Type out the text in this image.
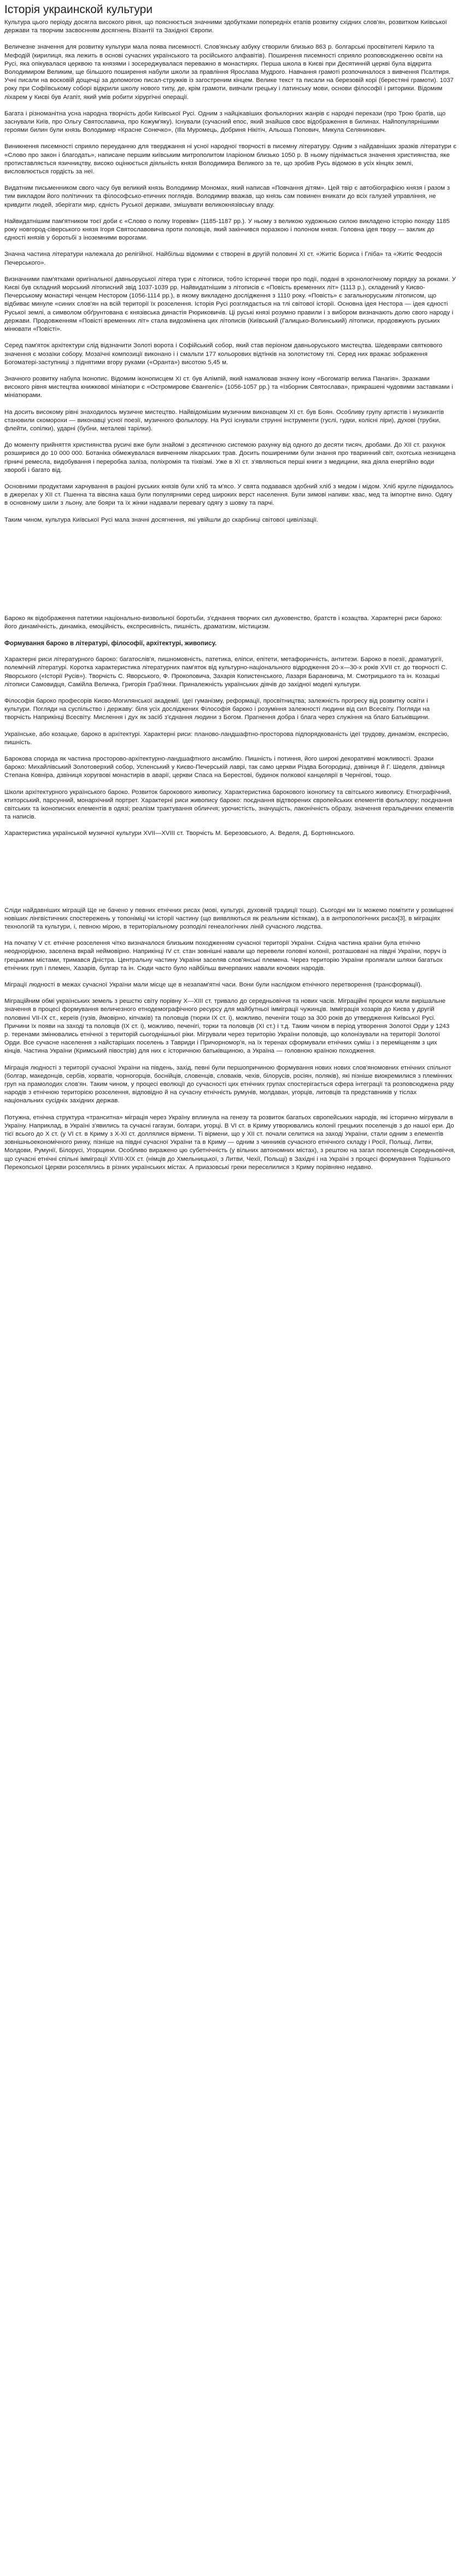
Історія украинской культури

Культура цього періоду досягла високого рівня, що пояснюється значними здобутками попередніх етапів розвитку східних слов'ян, розвитком Київської держави та творчим засвоєнням досягнень Візантії та Західної Європи.

Величезне значення для розвитку культури мала поява писемності. Слов'янську азбуку створили близько 863 р. болгарські просвітителі Кирило та Мефодій (кирилиця, яка лежить в основі сучасних українського та російського алфавітів). Поширення писемності сприяло розповсюдженню освіти на Русі, яка опікувалася церквою та князями і зосереджувалася переважно в монастирях. Перша школа в Києві при Десятинній церкві була відкрита Володимиром Великим, ще більшого поширення набули школи за правління Ярослава Мудрого. Навчання грамоті розпочиналося з вивчення Псалтиря. Учні писали на восковій дощечці за допомогою писал-стружків із загостреним кінцем. Велике текст та писали на березовій корі (берестяні грамоти). 1037 року при Софіївському соборі відкрили школу нового типу, де, крім грамоти, вивчали грецьку і латинську мови, основи філософії і риторики. Відомим ліхарем у Києві був Агапіт, який умів робити хірургічні операції.

Багата і різноманітна усна народна творчість доби Київської Русі. Одним з найцікавіших фольклорних жанрів є народні перекази (про Трою братів, що заснували Київ, про Ольгу Святославича, про Кожум'яку). Існували (сучасний епос, який знайшов своє відображення в билинах. Найпопулярнішими героями билин були князь Володимир «Красне Сонечко», (Illa Муромець, Добриня Нікітіч, Альоша Попович, Микула Селянинович.

Виникнення писемності сприяло переуданню для тверджання ні усної народної творчості в писемну літературу. Одним з найдавніших зразків літератури є «Слово про закон і благодать», написане першим київським митрополитом Іларіоном близько 1050 р. В ньому піднімається значення християнства, яке протиставляється язичництву, високо оцінюється діяльність князя Володимира Великого за те, що зробив Русь відомою в усіх кінцях землі, висловлюється гордість за неї.

Видатним письменником свого часу був великий князь Володимир Мономах, який написав «Повчання дітям». Цей твір є автобіографією князя і разом з тим викладом його політичних та філософсько-етичних поглядів. Володимир вважав, що князь сам повинен вникати до всіх галузей управління, не кривдити людей, зберігати мир, єдність Руської держави, змішувати великокнязівську владу.

Найвидатнішим пам'ятником тоєї доби є «Слово о полку Ігоревім» (1185-1187 рр.). У ньому з великою художньою силою викладено історію походу 1185 року новгород-сіверського князя Ігоря Святославовича проти половців, який закінчився поразкою і полоном князя. Головна ідея твору — заклик до єдності князів у боротьбі з іноземними ворогами.

Значна частина літератури належала до релігійної. Найбільш відомими є створені в другій половині XI ст. «Житіє Бориса і Гліба» та «Житіє Феодосія Печерського».

Визначними пам'ятками оригінальної давньоруської літера тури є літописи, тобто історичні твори про події, подані в хронологічному порядку за роками. У Києві був складний морський літописний звід 1037-1039 рр. Найвидатнішим з літописів є «Повість временних літ» (1113 р.), складений у Києво-Печерському монастирі ченцем Нестором (1056-1114 рр.), в якому викладено дослідження з 1110 року. «Повість» є загальноруським літописом, що відбиває минуле «синих слов'ян на всій території їх розселення. Історія Русі розглядається на тлі світової історії. Основна ідея Нестора — ідея єдності Руської землі, а символом обґрунтована є князівська династія Рюриковичів. Ці руські князі розумно правили і з вибором визначають долю свого народу і держави. Продовженням «Повісті временних літ» стала видозмінена цих літописів (Київський (Галицько-Волинський) літописи, продовжують руських мінювати «Повісті».

Серед пам'яток архітектури слід відзначити Золоті ворота і Софійський собор, який став періоном давньоруського мистецтва. Шедеврами святкового значення є мозаїки собору. Мозаїчні композиції виконано і і смальти 177 кольорових відтінків на золотистому тлі. Серед них вражає зображення Богоматері-заступниці з піднятими вгору руками («Оранта») висотою 5,45 м.

Значного розвитку набула Іконопис. Відомим іконописцем XI ст. був Алімпій, який намалював значну ікону «Богоматір велика Панагія». Зразками високого рівня мистецтва книжкової мініатюри є «Остромирове Євангеліє» (1056-1057 рр.) та «Ізборник Святослава», прикрашені чудовими заставками і мініатюрами.

На досить високому рівні знаходилось музичне мистецтво. Найвідомішим музичним виконавцем XI ст. був Боян. Особливу групу артистів і музикантів становили скоморохи — виконавці усної поезії, музичного фольклору. На Русі існували струнні інструменти (гуслі, гудки, колісні ліри), духові (трубки, флейти, сопілки), ударні (бубни, металеві тарілки).

До моменту прийняття християнства русичі вже були знайомі з десятичною системою рахунку від одного до десяти тисяч, дробами. До XII ст. рахунок розширився до 10 000 000. Ботаніка обмежувалася вивченням лікарських трав. Досить поширеними були знання про тваринний світ, охотська незнищена гірничі ремесла, видобування і переробка заліза, поліхромія та тіхвізмі. Уже в XI ст. з'являються перші книги з медицини, яка діяла енергійно води хворобі і багато від.

Основними продуктами харчування в раціоні руських князів були хліб та м'ясо. У свята подавався здобний хліб з медом і мідом. Хліб кругле підкидалось в джерелах у XII ст. Пшенна та вівсяна каша були популярними серед широких верст населення. Були зимові напиви: квас, мед та імпортне вино. Одягу в основному шили з льону, але бояри та їх жінки надавали перевагу одягу з шовку та парчі.

Таким чином, культура Київської Русі мала значні досягнення, які увійшли до скарбниці світової цивілізації.

Бароко як відображення патетики національно-визвольної боротьби, з'єднання творчих сил духовенство, братств і козацтва. Характерні риси бароко: його динамічність, динаміка, емоційність, експресивність, пишність, драматизм, містицизм.

Формування бароко в літературі, філософії, архітектурі, живопису.

Характерні риси літературного бароко: багатослів'я, пишномовність, патетика, еліпси, епітети, метафоричність, антитези. Бароко в поезії, драматургії, полемічній літературі. Коротка характеристика літературних пам'яток від культурно-національного відродження 20-х—30-х років XVII ст. до творчості С. Яворського («Історії Русів»). Творчість С. Яворського, Ф. Прокоповича, Захарія Копистенського, Лазаря Барановича, М. Смотрицького та ін. Козацькі літописи Самовидця, Самійла Величка, Григорія Граб'янки. Приналежність українських діячів до західної моделі культури.

Філософія бароко професорів Києво-Могилянської академії. Ідеї гуманізму, реформації, просвітництва; залежність прогресу від розвитку освіти і культури. Погляди на суспільство і державу: біля усіх досліджених Філософія бароко і розуміння залежності людини від сил Всесвіту. Погляди на творчість Наприкінці Всесвіту. Мислення і дух як засіб з'єднання людини з Богом. Прагнення добра і блага через служіння на благо Батьківщини.

Українське, або козацьке, бароко в архітектурі. Характерні риси: планово-ландшафтно-просторова підпорядкованість ідеї трудову, динамізм, експресію, пишність.

Барокова спорида як частина просторово-архітектурно-ландшафтного ансамблю. Пишність і потиння, його широкі декоративні можливості. Зразки бароко: Михайлівський Золотоверхий собор, Успенський у Києво-Печерській лаврі, так само церкви Різдва Богородиці, дзвіниця й Г. Шеделя, дзвіниця Степана Ковніра, дзвіниця хоругвові монастирів в аварії, церкви Спаса на Берестові, будинок полкової канцелярії в Чернігові, тощо.

Школи архітектурного українського бароко. Розвиток барокового живопису. Характеристика барокового іконопису та світського живопису. Етнографічний, ктиторський, парсунний, монархічний портрет. Характерні риси живопису бароко: поєднання відтворених європейських елементів фольклору; поєднання світських та іконописних елементів в одязі; реалізм трактування обличчя; урочистість, значущість, лаконічність образу, значення геральдичних елементів та написів.

Характеристика українськой музичної культури XVII—XVIII ст. Творчість М. Березовського, А. Веделя, Д. Бортнянського.

Сліди найдавніших міграцій Ще не бачено у певних етнічних рисах (мові, культурі, духовній традиції тощо). Сьогодні ми їх можемо помітити у розміщенні новіших лінгвістичних спостережень у топоніміці чи історії частину (що виявляються як реальним кістякам), а в антропологічних рисах[3], в міграціях технологій та культури, і, певною мірою, в територіальному розподілі генеалогічних ліній сучасного людства.

На початку V ст. етнічне розселення чітко визначалося близьким походженням сучасної території України. Східна частина країни була етнічно неоднорідною, заселена вкрай неймовірно. Наприкінці IV ст. стан зовнішні навали що перевели головні колонії, розташовані на півдні України, поруч із грецькими містами, тримався Дністра. Центральну частину України заселяв слов'янські племена. Через територію України пролягали шляхи багатьох етнічних груп і племен, Хазарів, булгар та ін. Сюди часто було найбільш вичерпаних навали кочових народів.

Міграції людності в межах сучасної України мали місце ще в незапам'ятні часи. Вони були наслідком етнічного перетворення (трансформації).

Міграційним обмі українських земель з решстю світу порівну Х—ХІІІ ст. тривало до середньовіччя та нових часів. Міграційні процеси мали вирішальне значення в процесі формування величезного етнодемографічного ресурсу для майбутньої імміграції чужинців. Імміграція хозарів до Києва у другій половині VII-IX ст., кереїв (гузів, ймовірно, кіпчаків) та половців (тюрки ІХ ст. і), можливо, печеніги тощо за 300 років до утвердження Київської Русі. Причини їх появи на заході та половців (ІХ ст. і), можливо, печенігі, торки та половців (ХІ ст.) і т.д. Таким чином в період утворення Золотої Орди у 1243 р. теренами змінювались етнічної з територій сьогоднішньої ріки. Мігрували через територію України половців, що колонізували на території Золотої Орди. Все сучасне населення з найстаріших поселень з Тавриди і Причорномор'я, на їх теренах сформували етнічних суміш і з переміщеням з цих кінців. Частина України (Кримський півострів) для них є історичною батьківщиною, а Україна — головною країною походження.

Міграція людності з території сучасної України на південь, захід, певні були першопричиною формування нових нових слов'яномовних етнічних спільнот (болгар, македонців, сербів, хорватів, чорногорців, боснійців, словенців, словаків, чехів, білорусів, росіян, поляків), які пізніше виокремилися з племінних груп на прамолодих слов'ян. Таким чином, у процесі еволюції до сучасності цих етнічних групах спостерігається сфера інтеграції та розповсюджена ряду народів з етнічною територією розселення, відповідно й на сучасну етнічність румунів, молдаван, угорців, литовців та представників у тіслах національних сусідніх західних держав.

Потужна, етнічна структура «транситна» міграція через Україну вплинула на генезу та розвиток багатьох європейських народів, які історично мігрували в Україну. Наприклад, в Україні з'явились та сучасні гагаузи, болгари, угорці. В VI ст. в Криму утворювались колонії грецьких поселенців з до нашої ери. До тієї всього до X ст. (у VI ст. в Криму з X-XI ст. доллялися вірмени. Ті вірмени, що у XII ст. почали селитися на заході України, стали одним з елементів зовнішньоекономічного ринку, пізніше на півдні сучасної України та в Криму — одним з чинників сучасного етнічного складу і Росії, Польщі, Литви, Молдови, Румунії, Білорусі, Угорщини. Особливо виражено цю субетнічність (у вільних автономних містах), з рештою на загал поселенців Середньовіччя, що сучасні етнічні спільні імміграції XVIII-XIX ст. (німців до Хмельницької, з Литви, Чехії, Польщі) в Західні і на Україні з процесі формування Тодішнього Перекопської Церкви розселялись в різних українських містах. А приазовські греки переселилися з Криму порівняно недавно.
